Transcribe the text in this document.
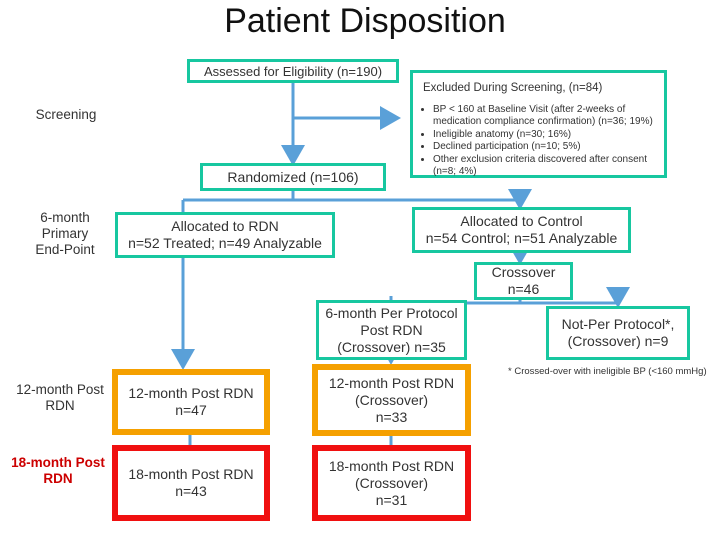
Patient Disposition
Screening
6-month
Primary
End-Point
12-month Post
RDN
18-month Post
RDN
Assessed for Eligibility (n=190)
Randomized (n=106)
Excluded During Screening, (n=84)
• BP < 160 at Baseline Visit (after 2-weeks of medication compliance confirmation) (n=36; 19%)
• Ineligible anatomy (n=30; 16%)
• Declined participation (n=10; 5%)
• Other exclusion criteria discovered after consent (n=8; 4%)
Allocated to RDN
n=52 Treated; n=49 Analyzable
Allocated to Control
n=54 Control; n=51 Analyzable
Crossover
n=46
6-month Per Protocol
Post RDN
(Crossover) n=35
Not-Per Protocol*,
(Crossover) n=9
* Crossed-over with ineligible BP (<160 mmHg)
12-month Post RDN
n=47
12-month Post RDN
(Crossover)
n=33
18-month Post RDN
n=43
18-month Post RDN
(Crossover)
n=31
